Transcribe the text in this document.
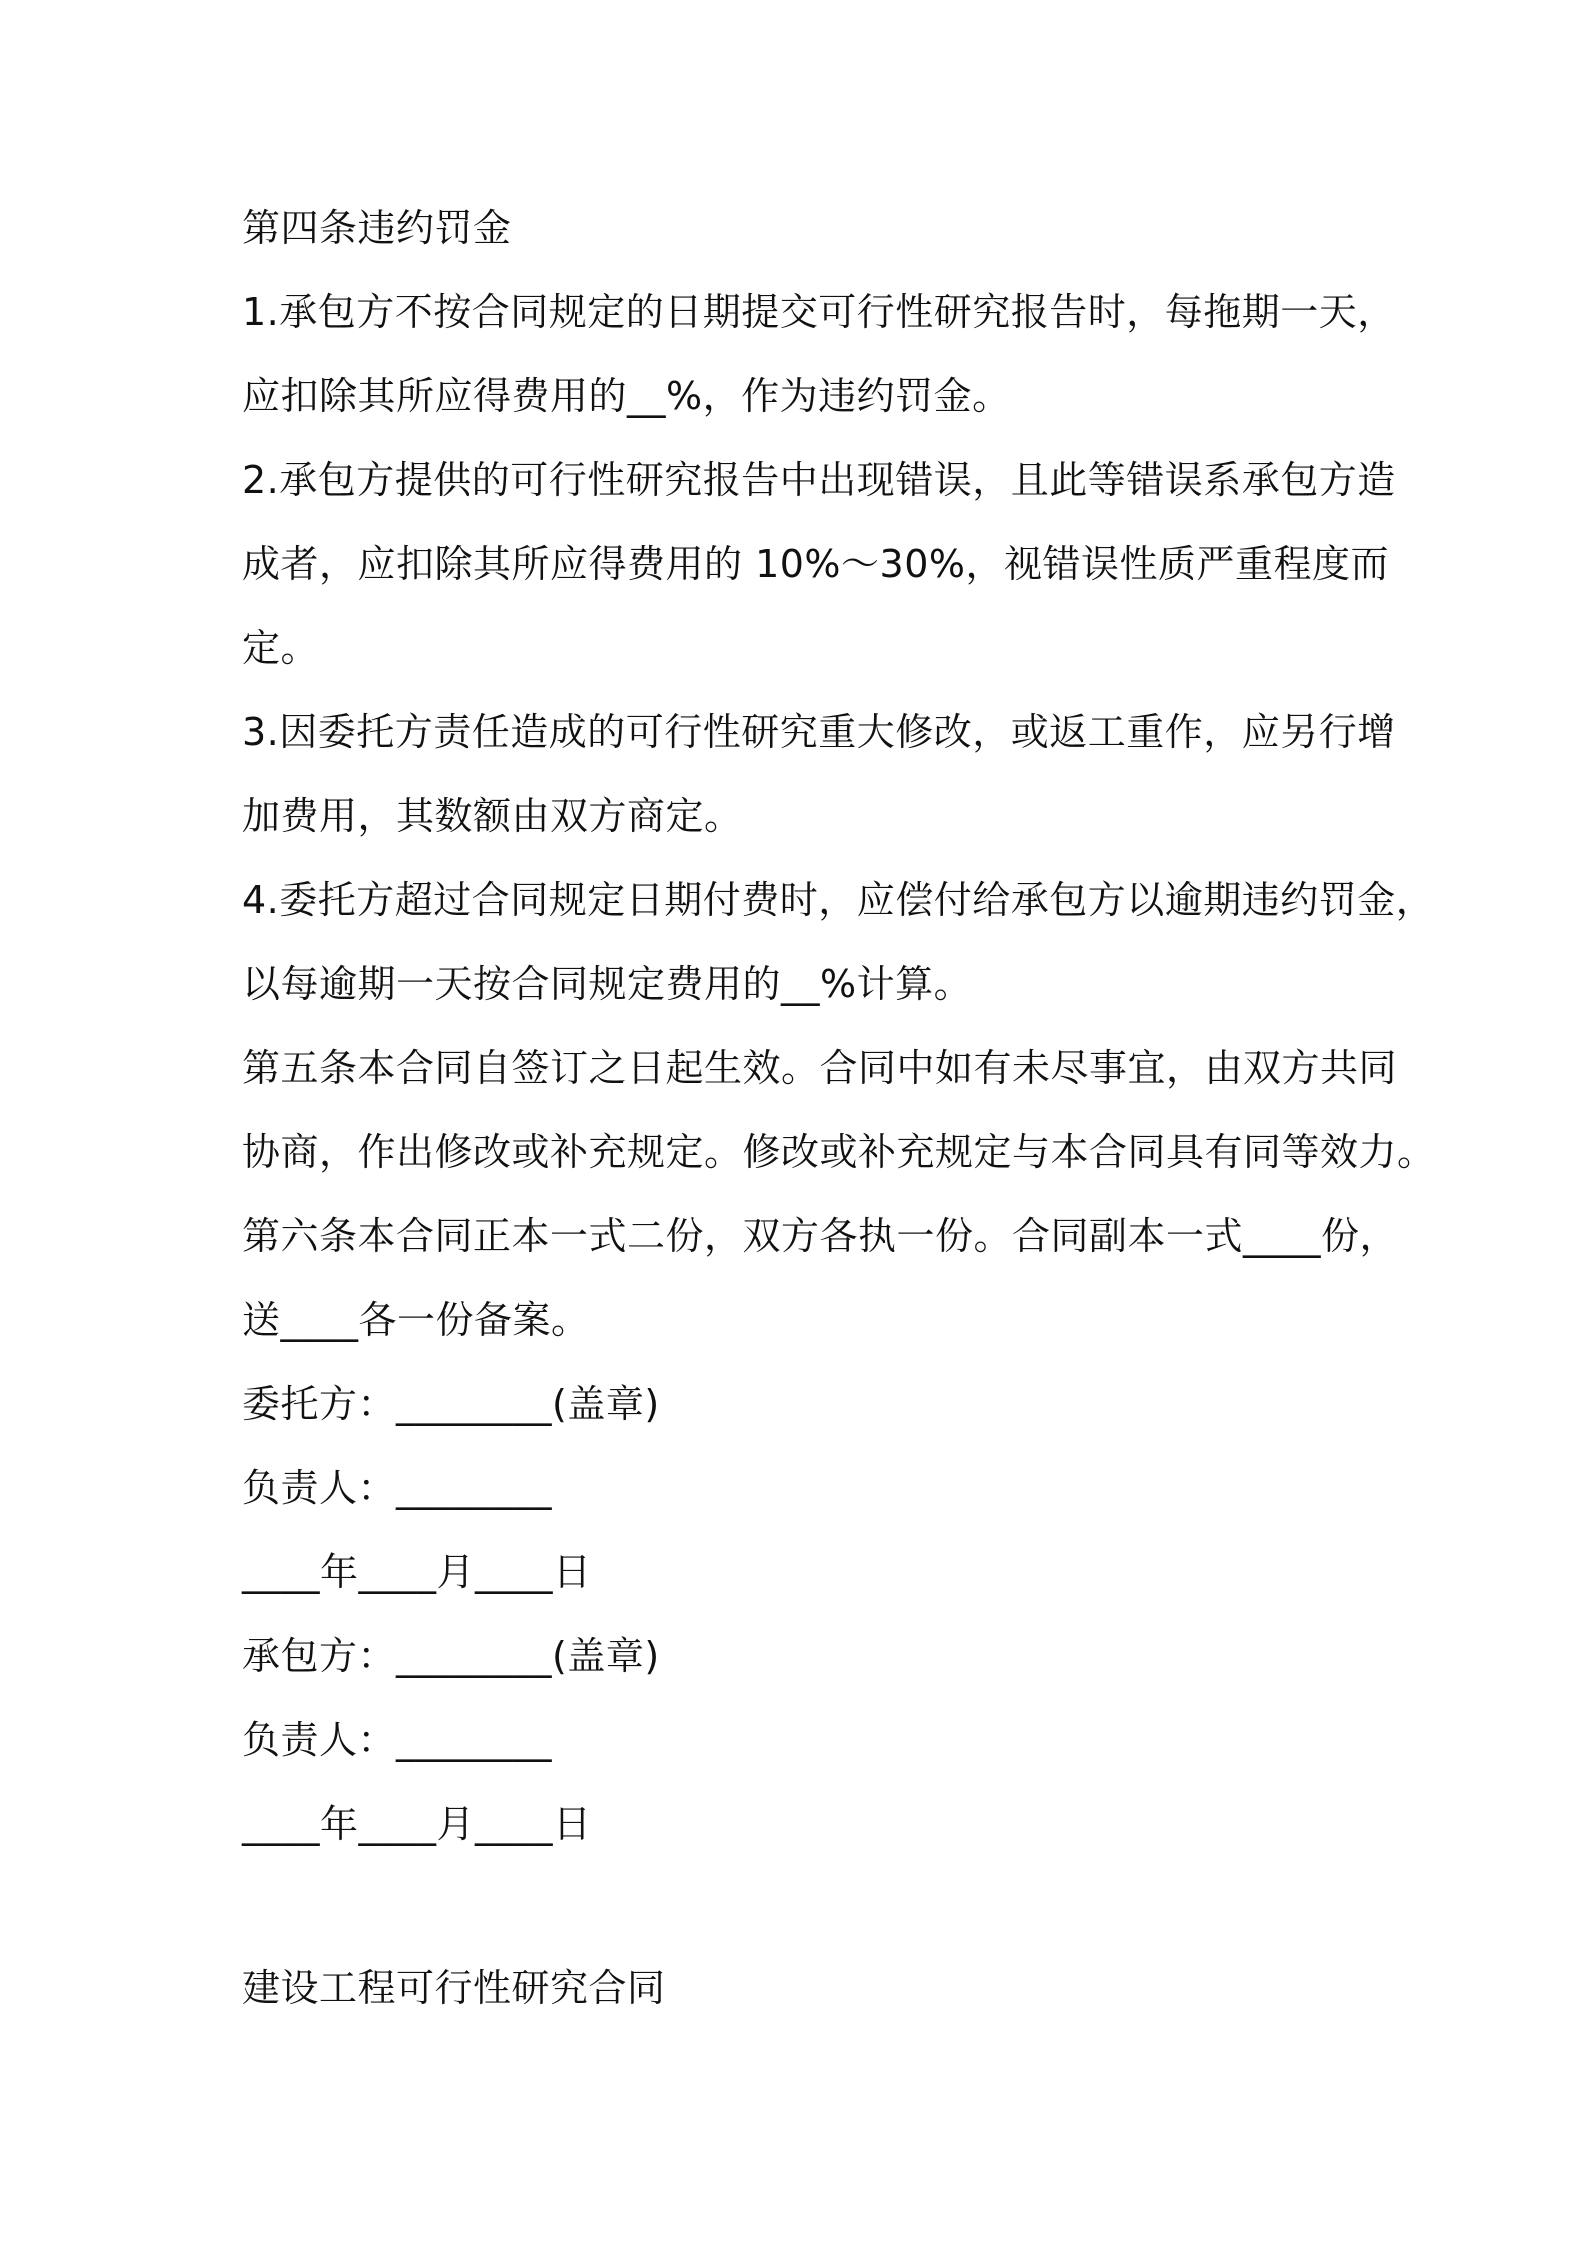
第四条违约罚金
1.承包方不按合同规定的日期提交可行性研究报告时，每拖期一天，
应扣除其所应得费用的__%，作为违约罚金。
2.承包方提供的可行性研究报告中出现错误，且此等错误系承包方造
成者，应扣除其所应得费用的 10%～30%，视错误性质严重程度而
定。
3.因委托方责任造成的可行性研究重大修改，或返工重作，应另行增
加费用，其数额由双方商定。
4.委托方超过合同规定日期付费时，应偿付给承包方以逾期违约罚金，
以每逾期一天按合同规定费用的__%计算。
第五条本合同自签订之日起生效。合同中如有未尽事宜，由双方共同
协商，作出修改或补充规定。修改或补充规定与本合同具有同等效力。
第六条本合同正本一式二份，双方各执一份。合同副本一式____份，
送____各一份备案。
委托方：________(盖章)
负责人：________
____年____月____日
承包方：________(盖章)
负责人：________
____年____月____日
建设工程可行性研究合同
